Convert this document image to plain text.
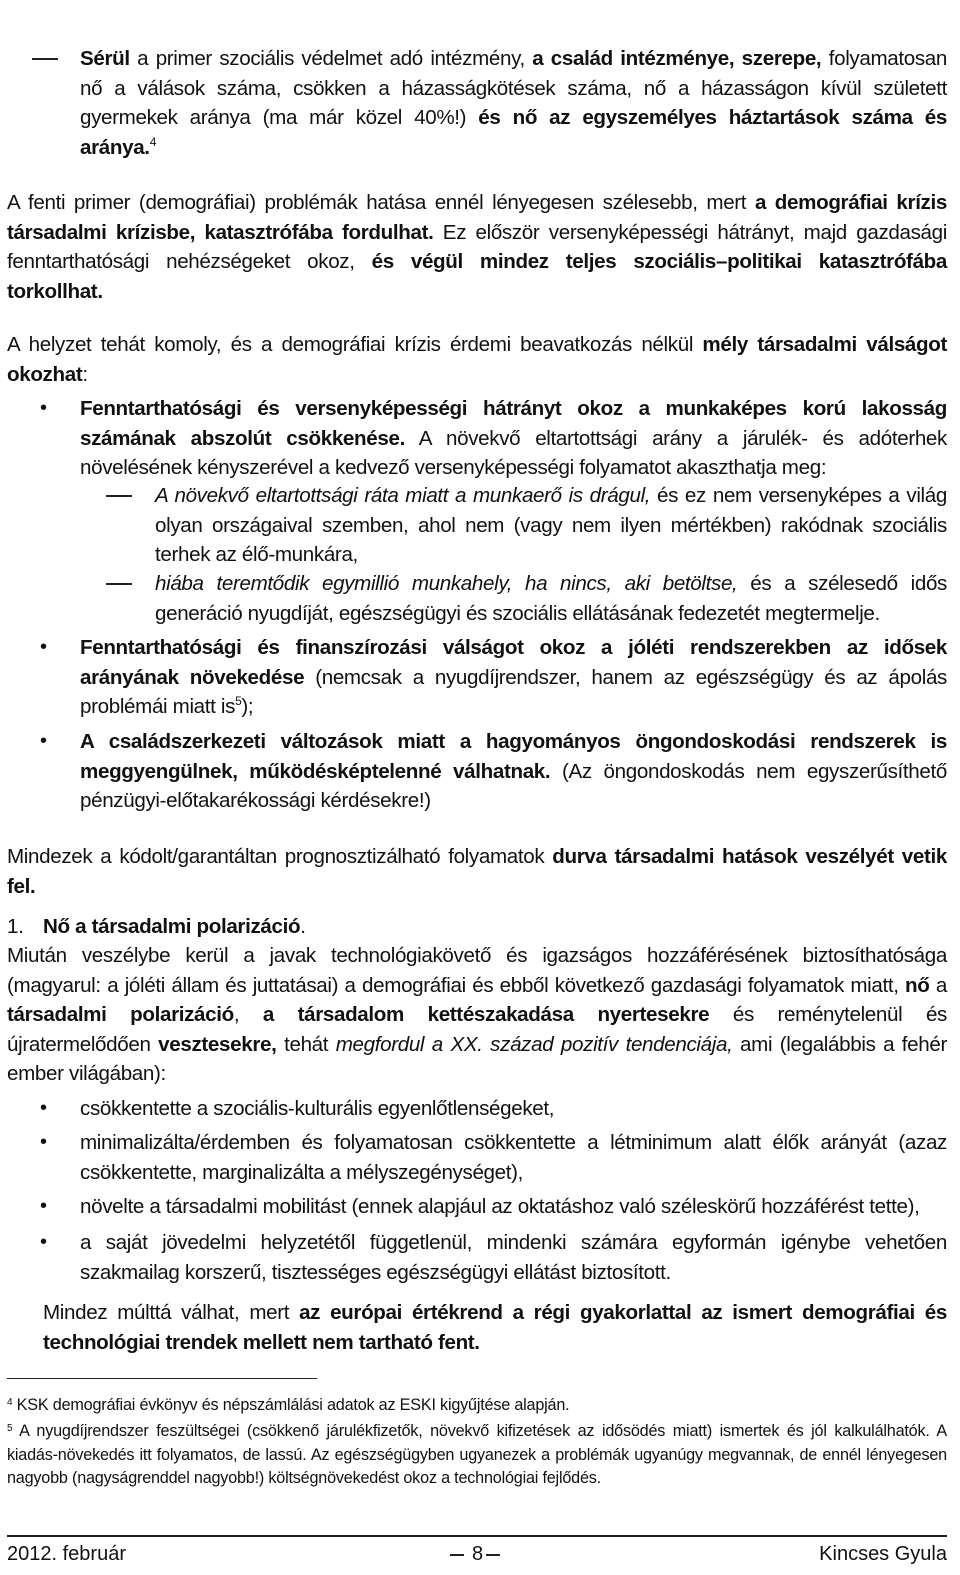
Sérül a primer szociális védelmet adó intézmény, a család intézménye, szerepe, folyamatosan nő a válások száma, csökken a házasságkötések száma, nő a házasságon kívül született gyermekek aránya (ma már közel 40%!) és nő az egyszemélyes háztartások száma és aránya.$^4$

A fenti primer (demográfiai) problémák hatása ennél lényegesen szélesebb, mert a demográfiai krízis társadalmi krízisbe, katasztrófába fordulhat. Ez először versenyképességi hátrányt, majd gazdasági fenntarthatósági nehézségeket okoz, és végül mindez teljes szociális–politikai katasztrófába torkollhat.

A helyzet tehát komoly, és a demográfiai krízis érdemi beavatkozás nélkül mély társadalmi válságot okozhat:

• Fenntarthatósági és versenyképességi hátrányt okoz a munkaképes korú lakosság számának abszolút csökkenése. A növekvő eltartottsági arány a járulék- és adóterhek növelésének kényszerével a kedvező versenyképességi folyamatot akaszthatja meg:

A növekvő eltartottsági ráta miatt a munkaerő is drágul, és ez nem versenyképes a világ olyan országaival szemben, ahol nem (vagy nem ilyen mértékben) rakódnak szociális terhek az élő-munkára,

hiába teremtődik egymillió munkahely, ha nincs, aki betöltse, és a szélesedő idős generáció nyugdíját, egészségügyi és szociális ellátásának fedezetét megtermelje.

• Fenntarthatósági és finanszírozási válságot okoz a jóléti rendszerekben az idősek arányának növekedése (nemcsak a nyugdíjrendszer, hanem az egészségügy és az ápolás problémái miatt $is^5$);

• A családszerkezeti változások miatt a hagyományos öngondoskodási rendszerek is meggyengülnek, működésképtelenné válhatnak. (Az öngondoskodás nem egyszerűsíthető pénzügyi-előtakarékossági kérdésekre!)

Mindezek a kódolt/garantáltan prognosztizálható folyamatok durva társadalmi hatások veszélyét vetik fel.

1. Nő a társadalmi polarizáció.

Miután veszélybe kerül a javak technológiakövető és igazságos hozzáférésének biztosíthatósága (magyarul: a jóléti állam és juttatásai) a demográfiai és ebből következő gazdasági folyamatok miatt, nő a társadalmi polarizáció, a társadalom kettészakadása nyertesekre és reménytelenül és újratermelődően vesztesekre, tehát megfordul a XX. század pozitív tendenciája, ami (legalábbis a fehér ember világában):

• csökkentette a szociális-kulturális egyenlőtlenségeket,

• minimalizálta/érdemben és folyamatosan csökkentette a létminimum alatt élők arányát (azaz csökkentette, marginalizálta a mélyszegénységet),

• növelte a társadalmi mobilitást (ennek alapjául az oktatáshoz való széleskörű hozzáférést tette),

• a saját jövedelmi helyzetétől függetlenül, mindenki számára egyformán igénybe vehetően szakmailag korszerű, tisztességes egészségügyi ellátást biztosított.

Mindez múlttá válhat, mert az európai értékrend a régi gyakorlattal az ismert demográfiai és technológiai trendek mellett nem tartható fent.

$^4$ KSK demográfiai évkönyv és népszámlálási adatok az ESKI kigyűjtése alapján.

$^5$ A nyugdíjrendszer feszültségei (csökkenő járulékfizetők, növekvő kifizetések az idősödés miatt) ismertek és jól kalkulálhatók. A kiadás-növekedés itt folyamatos, de lassú. Az egészségügyben ugyanezek a problémák ugyanúgy megvannak, de ennél lényegesen nagyobb (nagyságrenddel nagyobb!) költségnövekedést okoz a technológiai fejlődés.

2012. február	8	Kincses Gyula
